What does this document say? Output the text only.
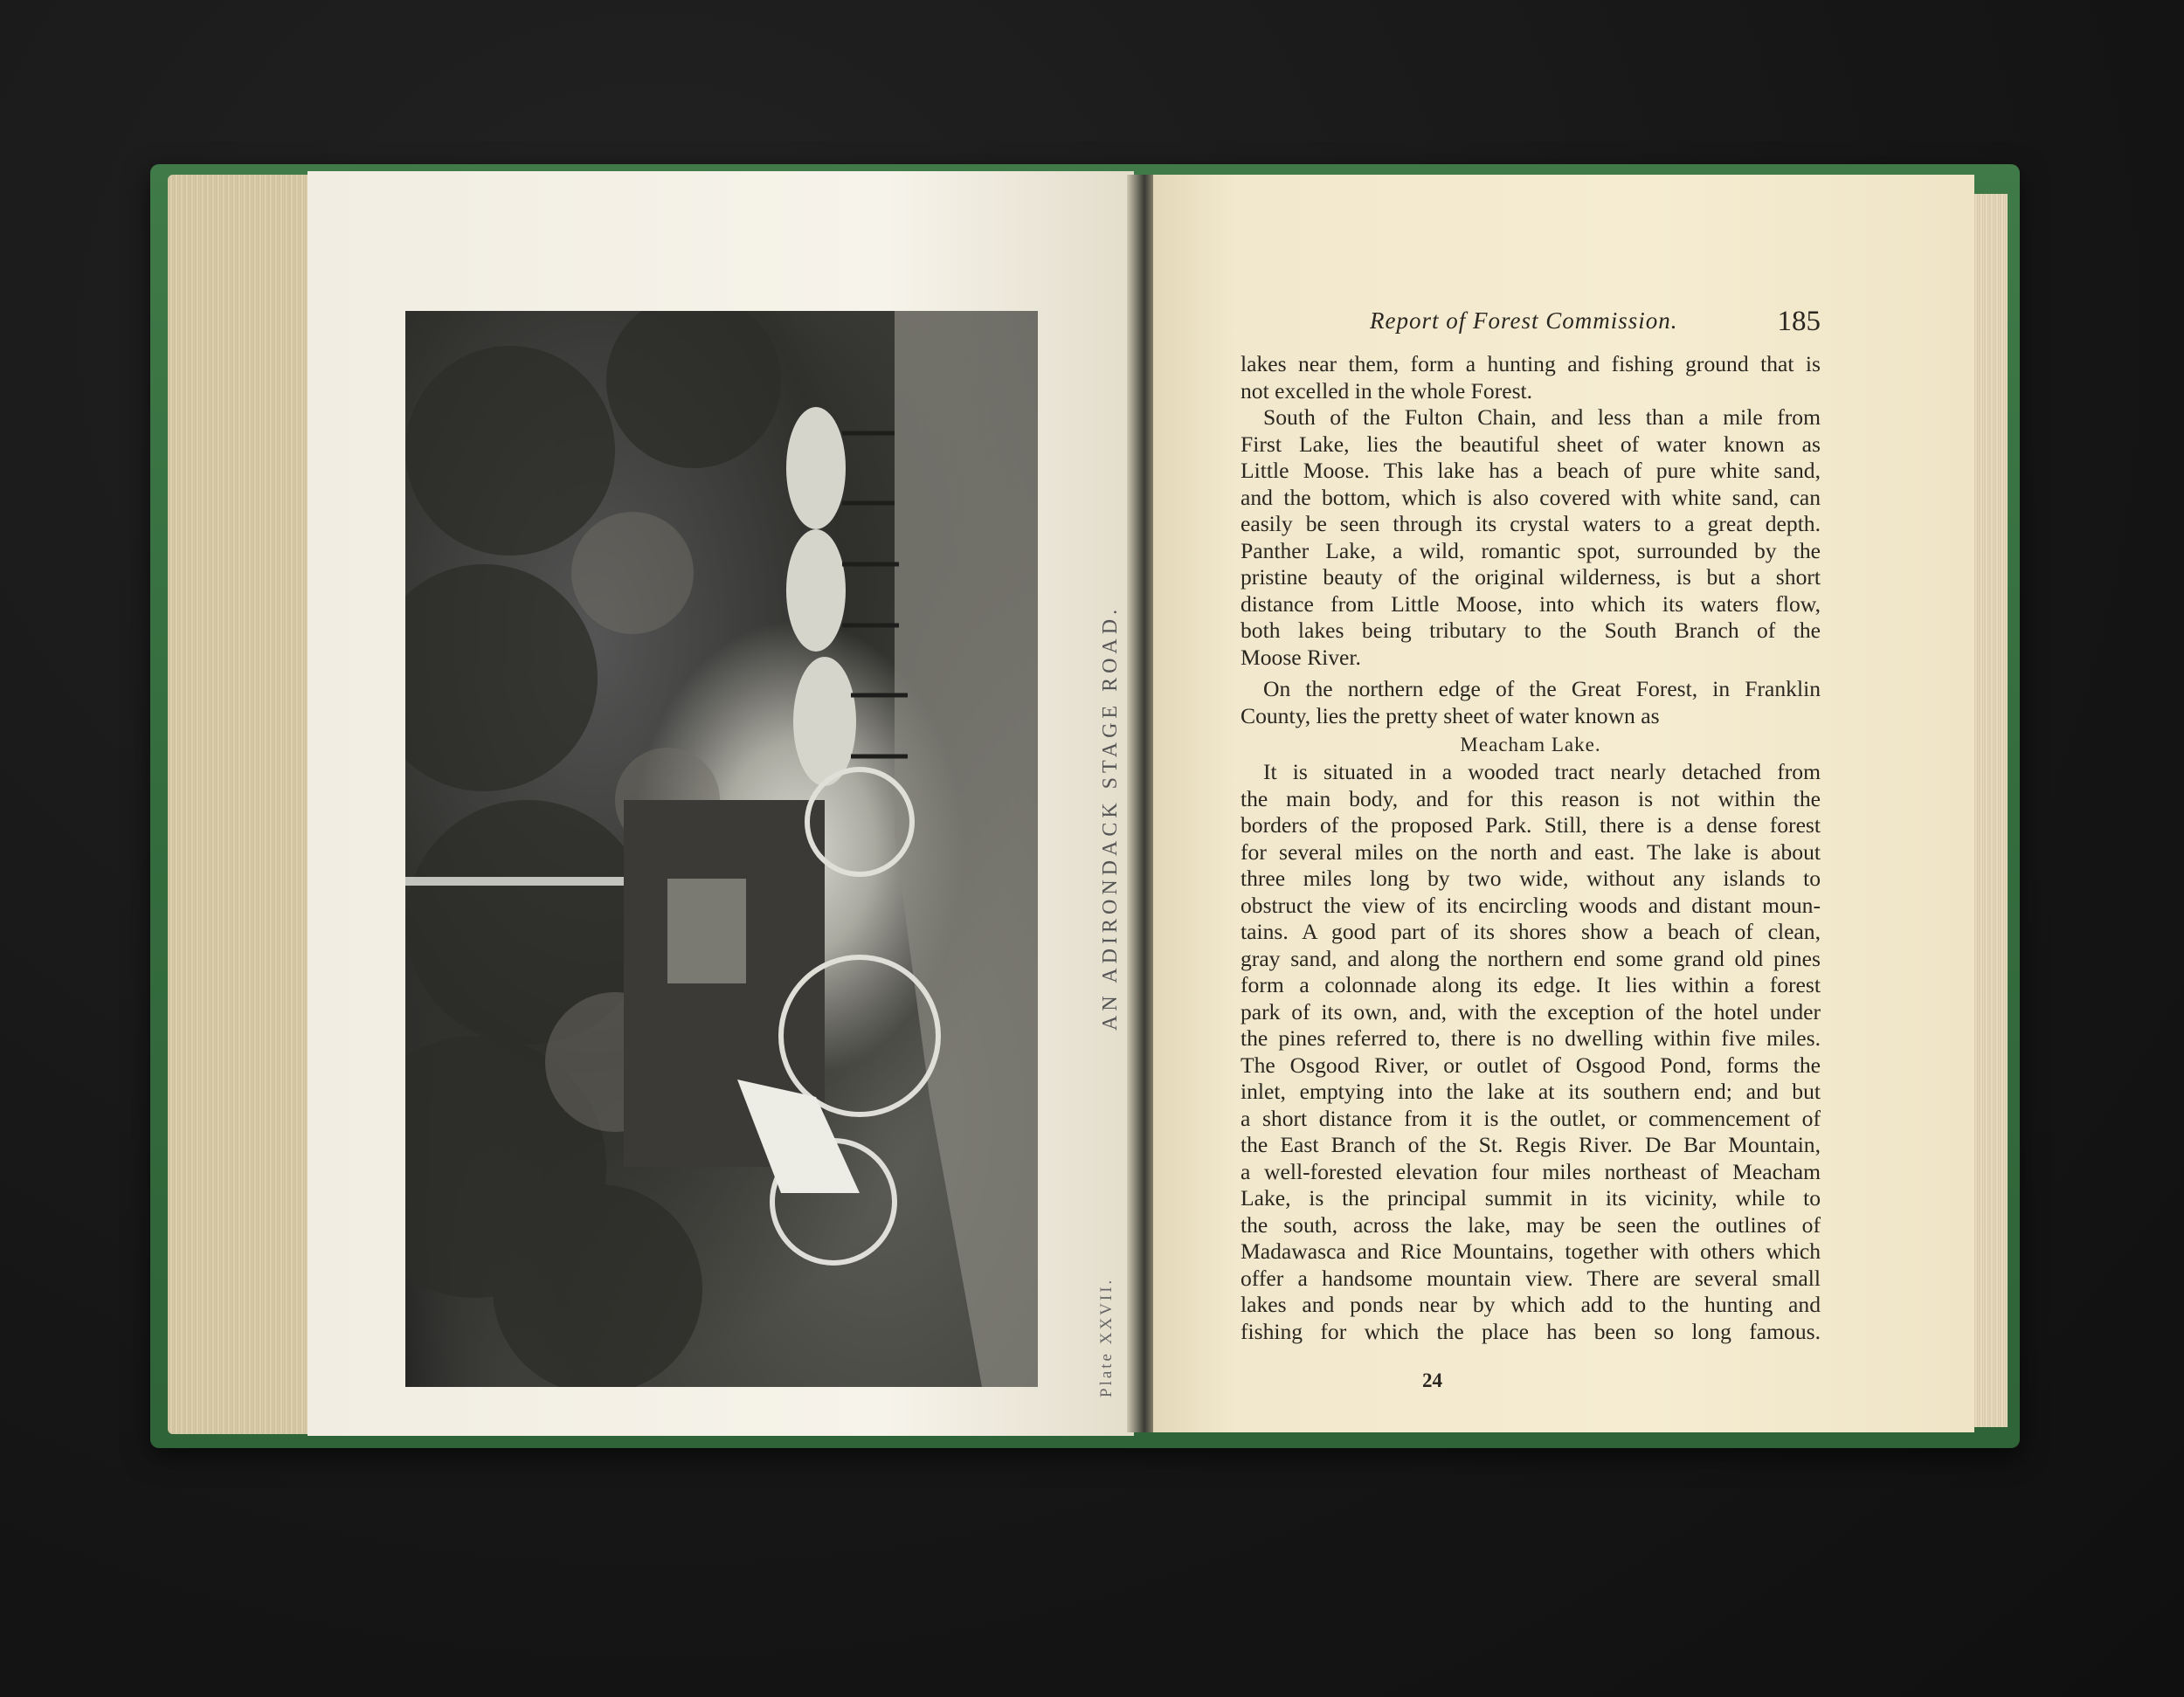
AN ADIRONDACK STAGE ROAD.
Plate XXVII.
Report of Forest Commission.	185
lakes near them, form a hunting and fishing ground that is
not excelled in the whole Forest.
South of the Fulton Chain, and less than a mile from
First Lake, lies the beautiful sheet of water known as
Little Moose. This lake has a beach of pure white sand,
and the bottom, which is also covered with white sand, can
easily be seen through its crystal waters to a great depth.
Panther Lake, a wild, romantic spot, surrounded by the
pristine beauty of the original wilderness, is but a short
distance from Little Moose, into which its waters flow,
both lakes being tributary to the South Branch of the
Moose River.
On the northern edge of the Great Forest, in Franklin
County, lies the pretty sheet of water known as
Meacham Lake.
It is situated in a wooded tract nearly detached from
the main body, and for this reason is not within the
borders of the proposed Park. Still, there is a dense forest
for several miles on the north and east. The lake is about
three miles long by two wide, without any islands to
obstruct the view of its encircling woods and distant moun-
tains. A good part of its shores show a beach of clean,
gray sand, and along the northern end some grand old pines
form a colonnade along its edge. It lies within a forest
park of its own, and, with the exception of the hotel under
the pines referred to, there is no dwelling within five miles.
The Osgood River, or outlet of Osgood Pond, forms the
inlet, emptying into the lake at its southern end; and but
a short distance from it is the outlet, or commencement of
the East Branch of the St. Regis River. De Bar Mountain,
a well-forested elevation four miles northeast of Meacham
Lake, is the principal summit in its vicinity, while to
the south, across the lake, may be seen the outlines of
Madawasca and Rice Mountains, together with others which
offer a handsome mountain view. There are several small
lakes and ponds near by which add to the hunting and
fishing for which the place has been so long famous.
24
